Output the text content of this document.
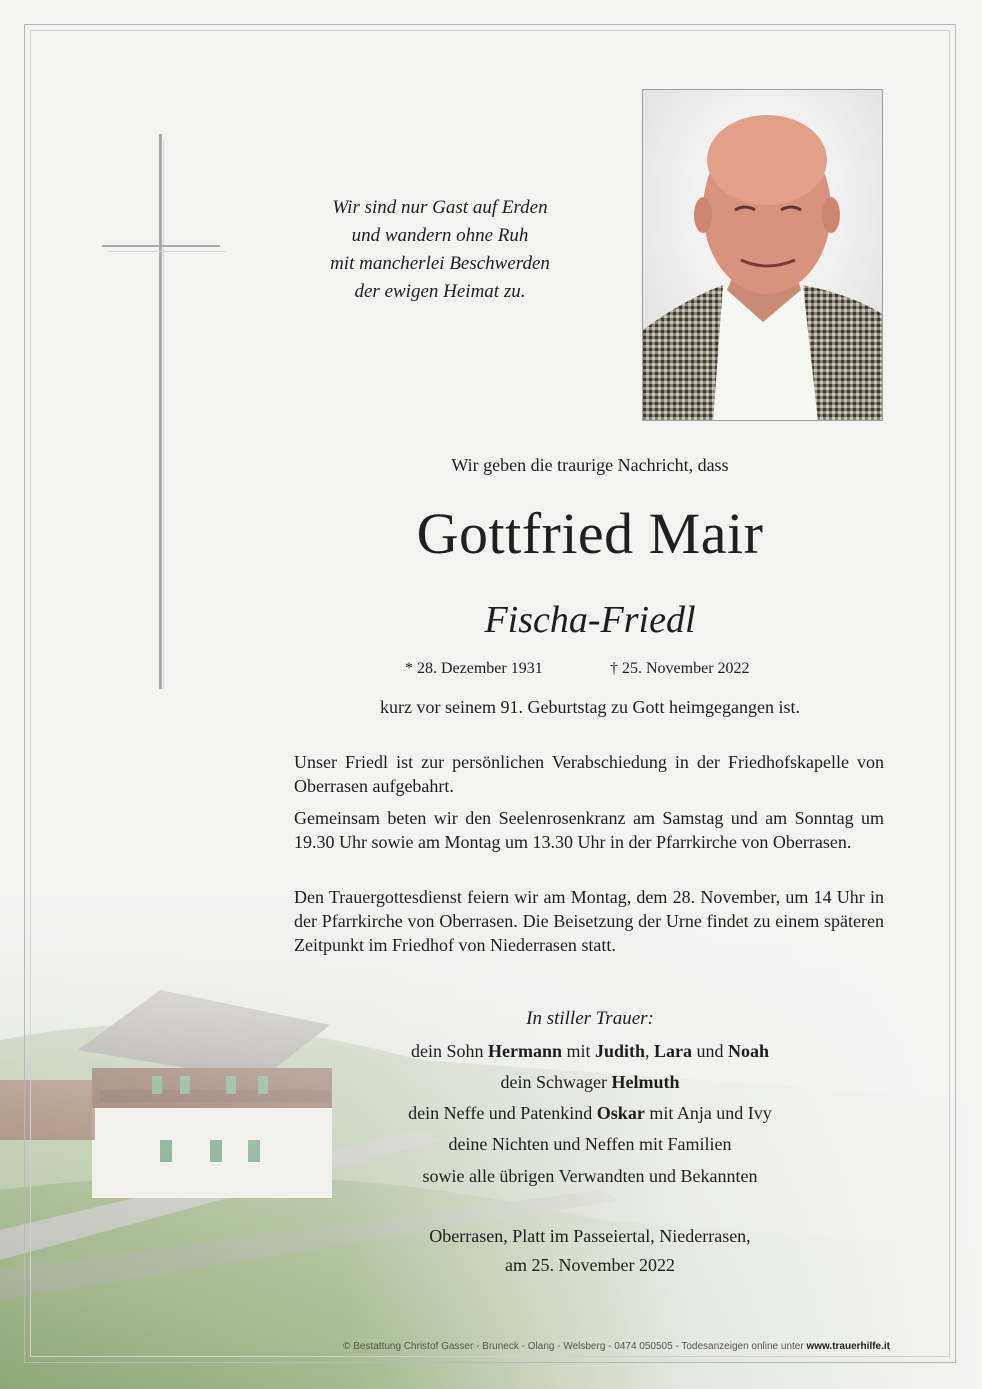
Wir sind nur Gast auf Erden
und wandern ohne Ruh
mit mancherlei Beschwerden
der ewigen Heimat zu.
Wir geben die traurige Nachricht, dass
Gottfried Mair
Fischa-Friedl
* 28. Dezember 1931	† 25. November 2022
kurz vor seinem 91. Geburtstag zu Gott heimgegangen ist.
Unser Friedl ist zur persönlichen Verabschiedung in der Friedhofskapelle von Oberrasen aufgebahrt.
Gemeinsam beten wir den Seelenrosenkranz am Samstag und am Sonntag um 19.30 Uhr sowie am Montag um 13.30 Uhr in der Pfarrkirche von Oberrasen.
Den Trauergottesdienst feiern wir am Montag, dem 28. November, um 14 Uhr in der Pfarrkirche von Oberrasen. Die Beisetzung der Urne findet zu einem späteren Zeitpunkt im Friedhof von Niederrasen statt.
In stiller Trauer:
dein Sohn Hermann mit Judith, Lara und Noah
dein Schwager Helmuth
dein Neffe und Patenkind Oskar mit Anja und Ivy
deine Nichten und Neffen mit Familien
sowie alle übrigen Verwandten und Bekannten
Oberrasen, Platt im Passeiertal, Niederrasen,
am 25. November 2022
© Bestattung Christof Gasser - Bruneck - Olang - Welsberg - 0474 050505 - Todesanzeigen online unter www.trauerhilfe.it
